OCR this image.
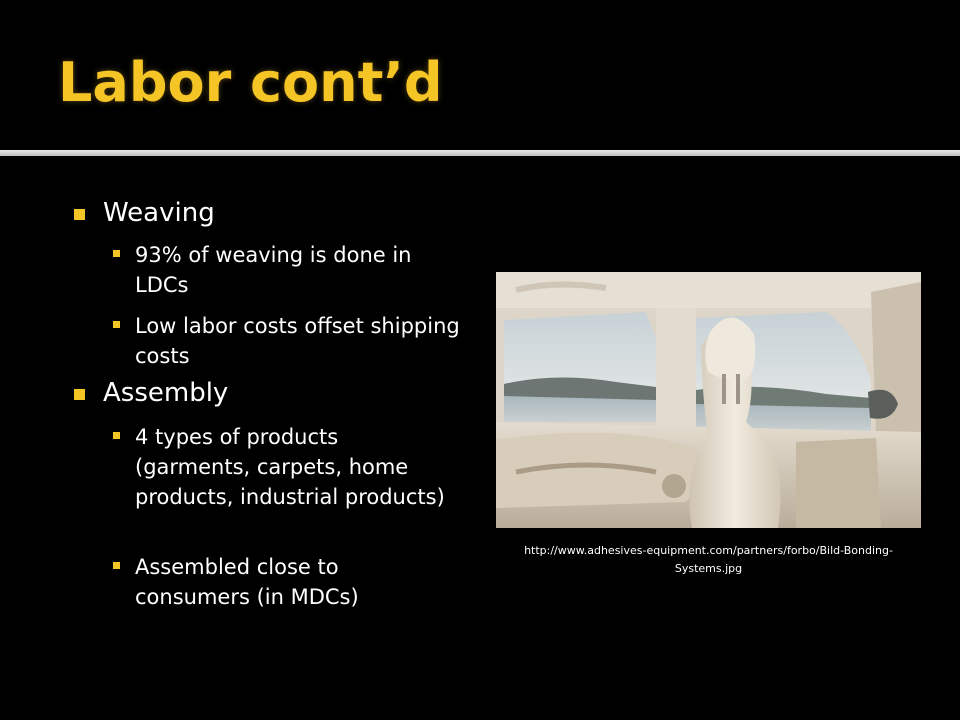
Labor cont’d
Weaving
93% of weaving is done in LDCs
Low labor costs offset shipping costs
Assembly
4 types of products (garments, carpets, home products, industrial products)
Assembled close to consumers (in MDCs)
http://www.adhesives-equipment.com/partners/forbo/Bild-Bonding-
Systems.jpg
